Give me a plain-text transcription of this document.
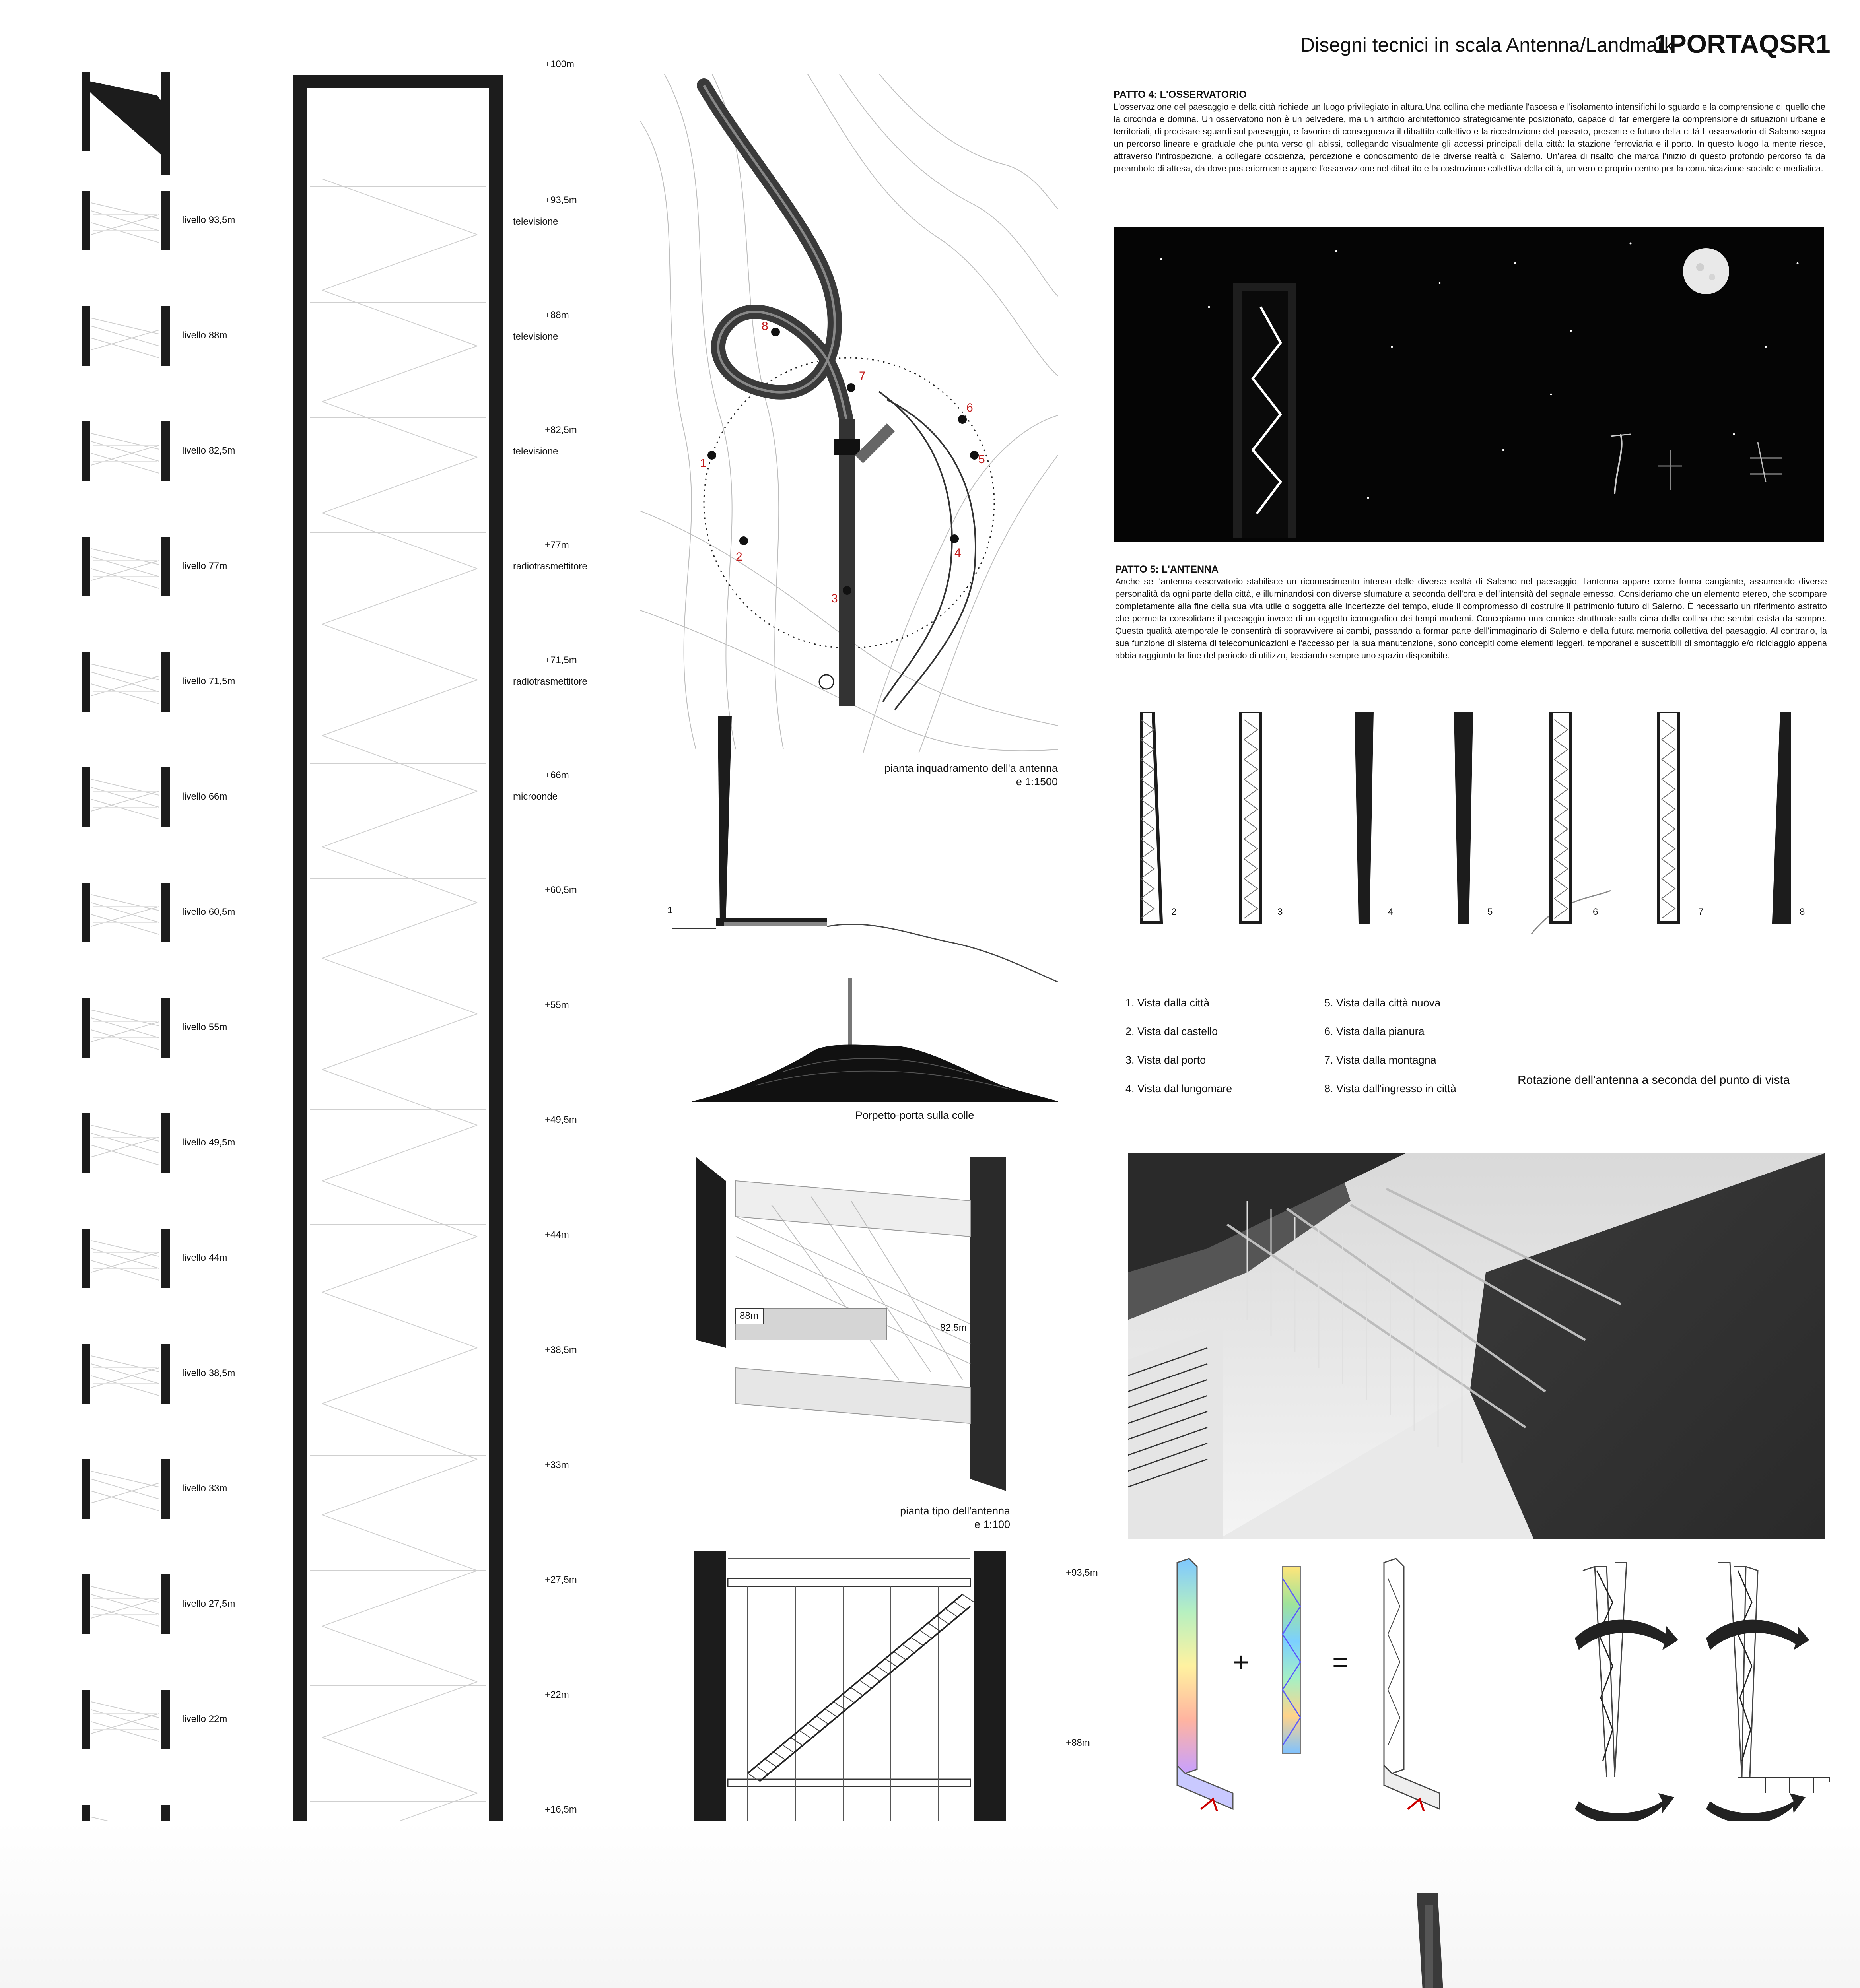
Disegni tecnici in scala Antenna/Landmark
1PORTAQSR1
livello 93,5m
livello 88m
livello 82,5m
livello 77m
livello 71,5m
livello 66m
livello 60,5m
livello 55m
livello 49,5m
livello 44m
livello 38,5m
livello 33m
livello 27,5m
livello 22m
+100m
+93,5m
+88m
+82,5m
+77m
+71,5m
+66m
+60,5m
+55m
+49,5m
+44m
+38,5m
+33m
+27,5m
+22m
+16,5m
televisione
televisione
televisione
radiotrasmettitore
radiotrasmettitore
microonde
1
2
3
4
5
6
7
8
pianta inquadramento dell'a antenna
e 1:1500
1
Porpetto-porta sulla colle
88m
82,5m
pianta tipo dell'antenna
e 1:100
+93,5m
+88m
PATTO 4: L'OSSERVATORIO
L'osservazione del paesaggio e della città richiede un luogo privilegiato in altura.Una collina che mediante l'ascesa e l'isolamento intensifichi lo sguardo e la comprensione di quello che la circonda e domina. Un osservatorio non è un belvedere, ma un artificio architettonico strategicamente posizionato, capace di far emergere la comprensione di situazioni urbane e territoriali, di precisare sguardi sul paesaggio, e favorire di conseguenza il dibattito collettivo e la ricostruzione del passato, presente e futuro della città L'osservatorio di Salerno segna un percorso lineare e graduale che punta verso gli abissi, collegando visualmente gli accessi principali della città: la stazione ferroviaria e il porto. In questo luogo la mente riesce, attraverso l'introspezione, a collegare coscienza, percezione e conoscimento delle diverse realtà di Salerno. Un'area di risalto che marca l'inizio di questo profondo percorso fa da preambolo di attesa, da dove posteriormente appare l'osservazione nel dibattito e la costruzione collettiva della città, un vero e proprio centro per la comunicazione sociale e mediatica.
PATTO 5: L'ANTENNA
Anche se l'antenna-osservatorio stabilisce un riconoscimento intenso delle diverse realtà di Salerno nel paesaggio, l'antenna appare come forma cangiante, assumendo diverse personalità da ogni parte della città, e illuminandosi con diverse sfumature a seconda dell'ora e dell'intensità del segnale emesso. Consideriamo che un elemento etereo, che scompare completamente alla fine della sua vita utile o soggetta alle incertezze del tempo, elude il compromesso di costruire il patrimonio futuro di Salerno. È necessario un riferimento astratto che permetta consolidare il paesaggio invece di un oggetto iconografico dei tempi moderni. Concepiamo una cornice strutturale sulla cima della collina che sembri esista da sempre. Questa qualità atemporale le consentirà di sopravvivere ai cambi, passando a formar parte dell'immaginario di Salerno e della futura memoria collettiva del paesaggio. Al contrario, la sua funzione di sistema di telecomunicazioni e l'accesso per la sua manutenzione, sono concepiti come elementi leggeri, temporanei e suscettibili di smontaggio e/o riciclaggio appena abbia raggiunto la fine del periodo di utilizzo, lasciando sempre uno spazio disponibile.
2	3	4	5	6	7	8
1. Vista dalla città
2. Vista dal castello
3. Vista dal porto
4. Vista dal lungomare
5. Vista dalla città nuova
6. Vista dalla pianura
7. Vista dalla montagna
8. Vista dall'ingresso in città
Rotazione dell'antenna a seconda del punto di vista
+	=
